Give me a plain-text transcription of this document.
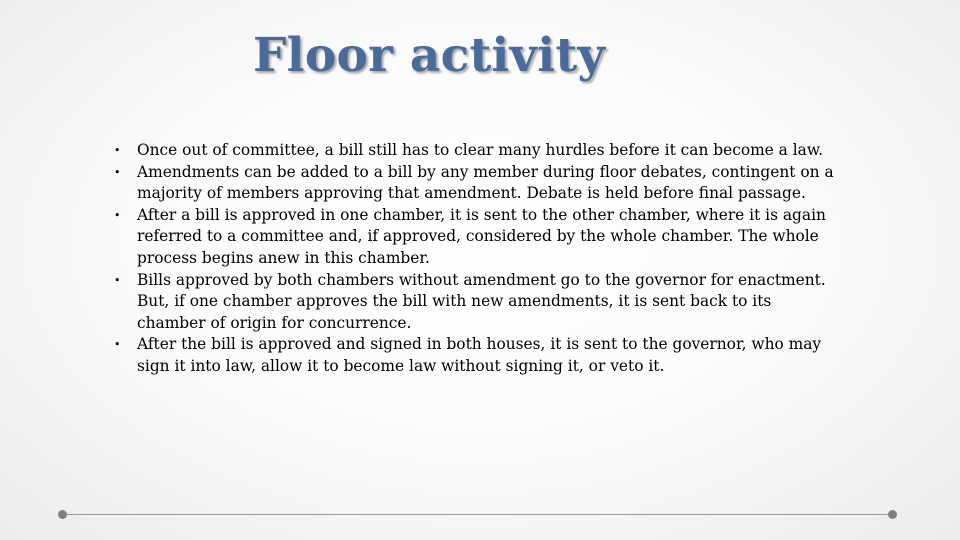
Floor activity
• Once out of committee, a bill still has to clear many hurdles before it can become a law.
• Amendments can be added to a bill by any member during floor debates, contingent on a majority of members approving that amendment. Debate is held before final passage.
• After a bill is approved in one chamber, it is sent to the other chamber, where it is again referred to a committee and, if approved, considered by the whole chamber. The whole process begins anew in this chamber.
• Bills approved by both chambers without amendment go to the governor for enactment. But, if one chamber approves the bill with new amendments, it is sent back to its chamber of origin for concurrence.
• After the bill is approved and signed in both houses, it is sent to the governor, who may sign it into law, allow it to become law without signing it, or veto it.
